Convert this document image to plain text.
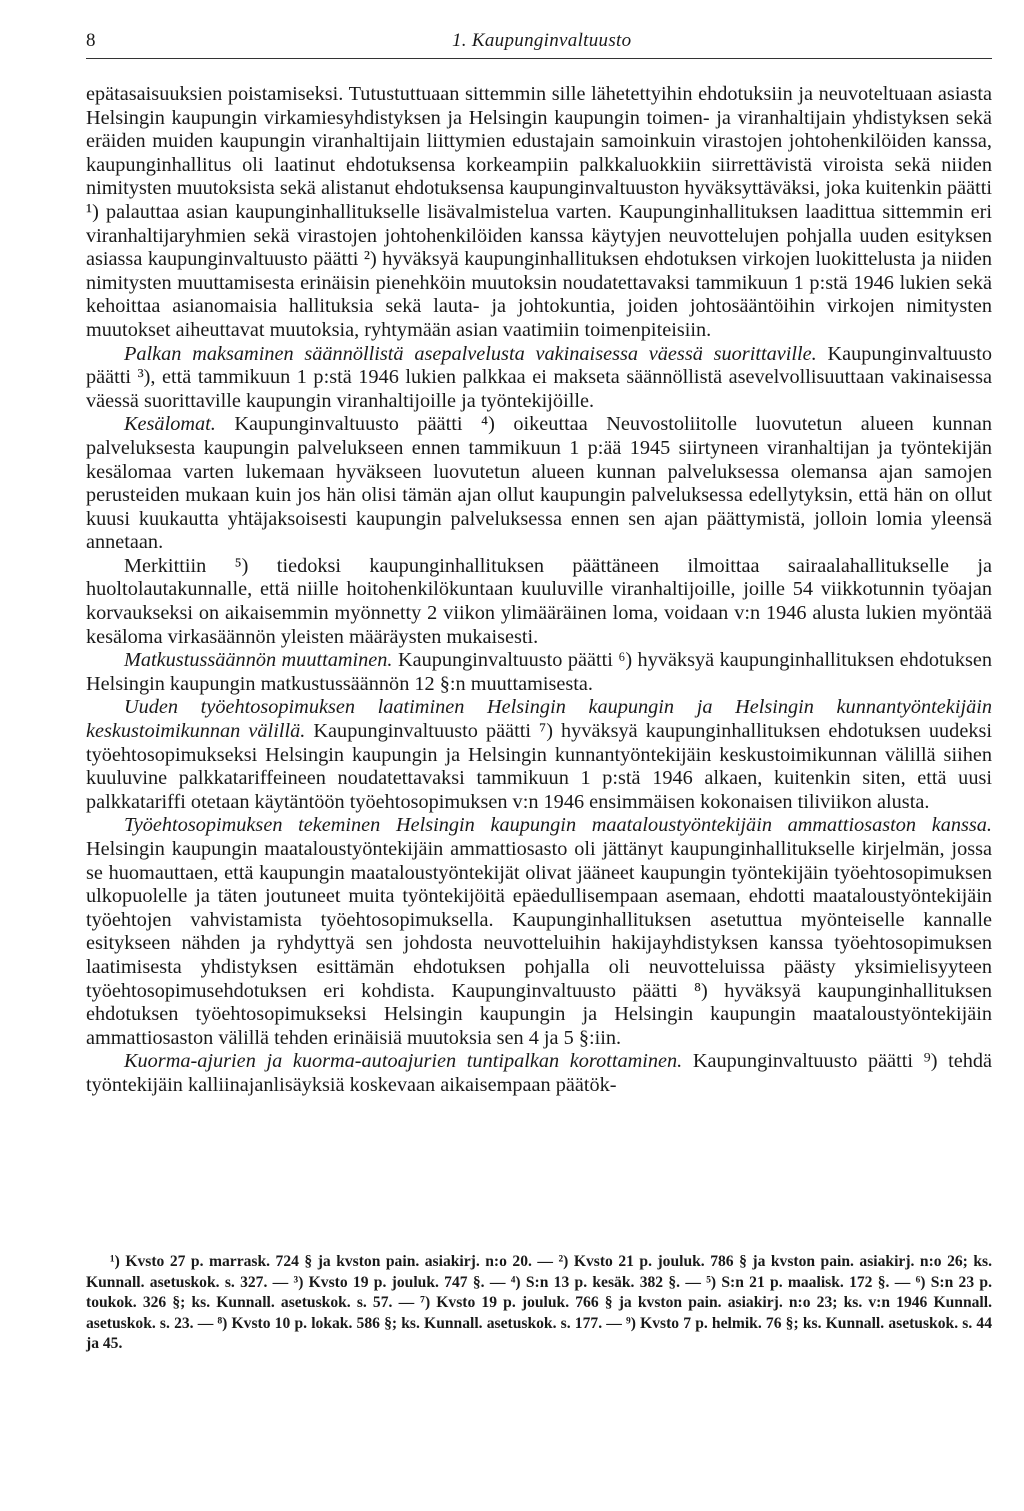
8	1. Kaupunginvaltuusto

epätasaisuuksien poistamiseksi. Tutustuttuaan sittemmin sille lähetettyihin ehdotuksiin ja neuvoteltuaan asiasta Helsingin kaupungin virkamiesyhdistyksen ja Helsingin kaupungin toimen- ja viranhaltijain yhdistyksen sekä eräiden muiden kaupungin viranhaltijain liittymien edustajain samoinkuin virastojen johtohenkilöiden kanssa, kaupunginhallitus oli laatinut ehdotuksensa korkeampiin palkkaluokkiin siirrettävistä viroista sekä niiden nimitysten muutoksista sekä alistanut ehdotuksensa kaupunginvaltuuston hyväksyttäväksi, joka kuitenkin päätti ¹) palauttaa asian kaupunginhallitukselle lisävalmistelua varten. Kaupunginhallituksen laadittua sittemmin eri viranhaltijaryhmien sekä virastojen johtohenkilöiden kanssa käytyjen neuvottelujen pohjalla uuden esityksen asiassa kaupunginvaltuusto päätti ²) hyväksyä kaupunginhallituksen ehdotuksen virkojen luokittelusta ja niiden nimitysten muuttamisesta erinäisin pienehköin muutoksin noudatettavaksi tammikuun 1 p:stä 1946 lukien sekä kehoittaa asianomaisia hallituksia sekä lauta- ja johtokuntia, joiden johtosääntöihin virkojen nimitysten muutokset aiheuttavat muutoksia, ryhtymään asian vaatimiin toimenpiteisiin.

Palkan maksaminen säännöllistä asepalvelusta vakinaisessa väessä suorittaville. Kaupunginvaltuusto päätti ³), että tammikuun 1 p:stä 1946 lukien palkkaa ei makseta säännöllistä asevelvollisuuttaan vakinaisessa väessä suorittaville kaupungin viranhaltijoille ja työntekijöille.

Kesälomat. Kaupunginvaltuusto päätti ⁴) oikeuttaa Neuvostoliitolle luovutetun alueen kunnan palveluksesta kaupungin palvelukseen ennen tammikuun 1 p:ää 1945 siirtyneen viranhaltijan ja työntekijän kesälomaa varten lukemaan hyväkseen luovutetun alueen kunnan palveluksessa olemansa ajan samojen perusteiden mukaan kuin jos hän olisi tämän ajan ollut kaupungin palveluksessa edellytyksin, että hän on ollut kuusi kuukautta yhtäjaksoisesti kaupungin palveluksessa ennen sen ajan päättymistä, jolloin lomia yleensä annetaan.

Merkittiin ⁵) tiedoksi kaupunginhallituksen päättäneen ilmoittaa sairaalahallitukselle ja huoltolautakunnalle, että niille hoitohenkilökuntaan kuuluville viranhaltijoille, joille 54 viikkotunnin työajan korvaukseksi on aikaisemmin myönnetty 2 viikon ylimääräinen loma, voidaan v:n 1946 alusta lukien myöntää kesäloma virkasäännön yleisten määräysten mukaisesti.

Matkustussäännön muuttaminen. Kaupunginvaltuusto päätti ⁶) hyväksyä kaupunginhallituksen ehdotuksen Helsingin kaupungin matkustussäännön 12 §:n muuttamisesta.

Uuden työehtosopimuksen laatiminen Helsingin kaupungin ja Helsingin kunnantyöntekijäin keskustoimikunnan välillä. Kaupunginvaltuusto päätti ⁷) hyväksyä kaupunginhallituksen ehdotuksen uudeksi työehtosopimukseksi Helsingin kaupungin ja Helsingin kunnantyöntekijäin keskustoimikunnan välillä siihen kuuluvine palkkatariffeineen noudatettavaksi tammikuun 1 p:stä 1946 alkaen, kuitenkin siten, että uusi palkkatariffi otetaan käytäntöön työehtosopimuksen v:n 1946 ensimmäisen kokonaisen tiliviikon alusta.

Työehtosopimuksen tekeminen Helsingin kaupungin maataloustyöntekijäin ammattiosaston kanssa. Helsingin kaupungin maataloustyöntekijäin ammattiosasto oli jättänyt kaupunginhallitukselle kirjelmän, jossa se huomauttaen, että kaupungin maataloustyöntekijät olivat jääneet kaupungin työntekijäin työehtosopimuksen ulkopuolelle ja täten joutuneet muita työntekijöitä epäedullisempaan asemaan, ehdotti maataloustyöntekijäin työehtojen vahvistamista työehtosopimuksella. Kaupunginhallituksen asetuttua myönteiselle kannalle esitykseen nähden ja ryhdyttyä sen johdosta neuvotteluihin hakijayhdistyksen kanssa työehtosopimuksen laatimisesta yhdistyksen esittämän ehdotuksen pohjalla oli neuvotteluissa päästy yksimielisyyteen työehtosopimusehdotuksen eri kohdista. Kaupunginvaltuusto päätti ⁸) hyväksyä kaupunginhallituksen ehdotuksen työehtosopimukseksi Helsingin kaupungin ja Helsingin kaupungin maataloustyöntekijäin ammattiosaston välillä tehden erinäisiä muutoksia sen 4 ja 5 §:iin.

Kuorma-ajurien ja kuorma-autoajurien tuntipalkan korottaminen. Kaupunginvaltuusto päätti ⁹) tehdä työntekijäin kalliinajanlisäyksiä koskevaan aikaisempaan päätök-

¹) Kvsto 27 p. marrask. 724 § ja kvston pain. asiakirj. n:o 20. — ²) Kvsto 21 p. jouluk. 786 § ja kvston pain. asiakirj. n:o 26; ks. Kunnall. asetuskok. s. 327. — ³) Kvsto 19 p. jouluk. 747 §. — ⁴) S:n 13 p. kesäk. 382 §. — ⁵) S:n 21 p. maalisk. 172 §. — ⁶) S:n 23 p. toukok. 326 §; ks. Kunnall. asetuskok. s. 57. — ⁷) Kvsto 19 p. jouluk. 766 § ja kvston pain. asiakirj. n:o 23; ks. v:n 1946 Kunnall. asetuskok. s. 23. — ⁸) Kvsto 10 p. lokak. 586 §; ks. Kunnall. asetuskok. s. 177. — ⁹) Kvsto 7 p. helmik. 76 §; ks. Kunnall. asetuskok. s. 44 ja 45.
